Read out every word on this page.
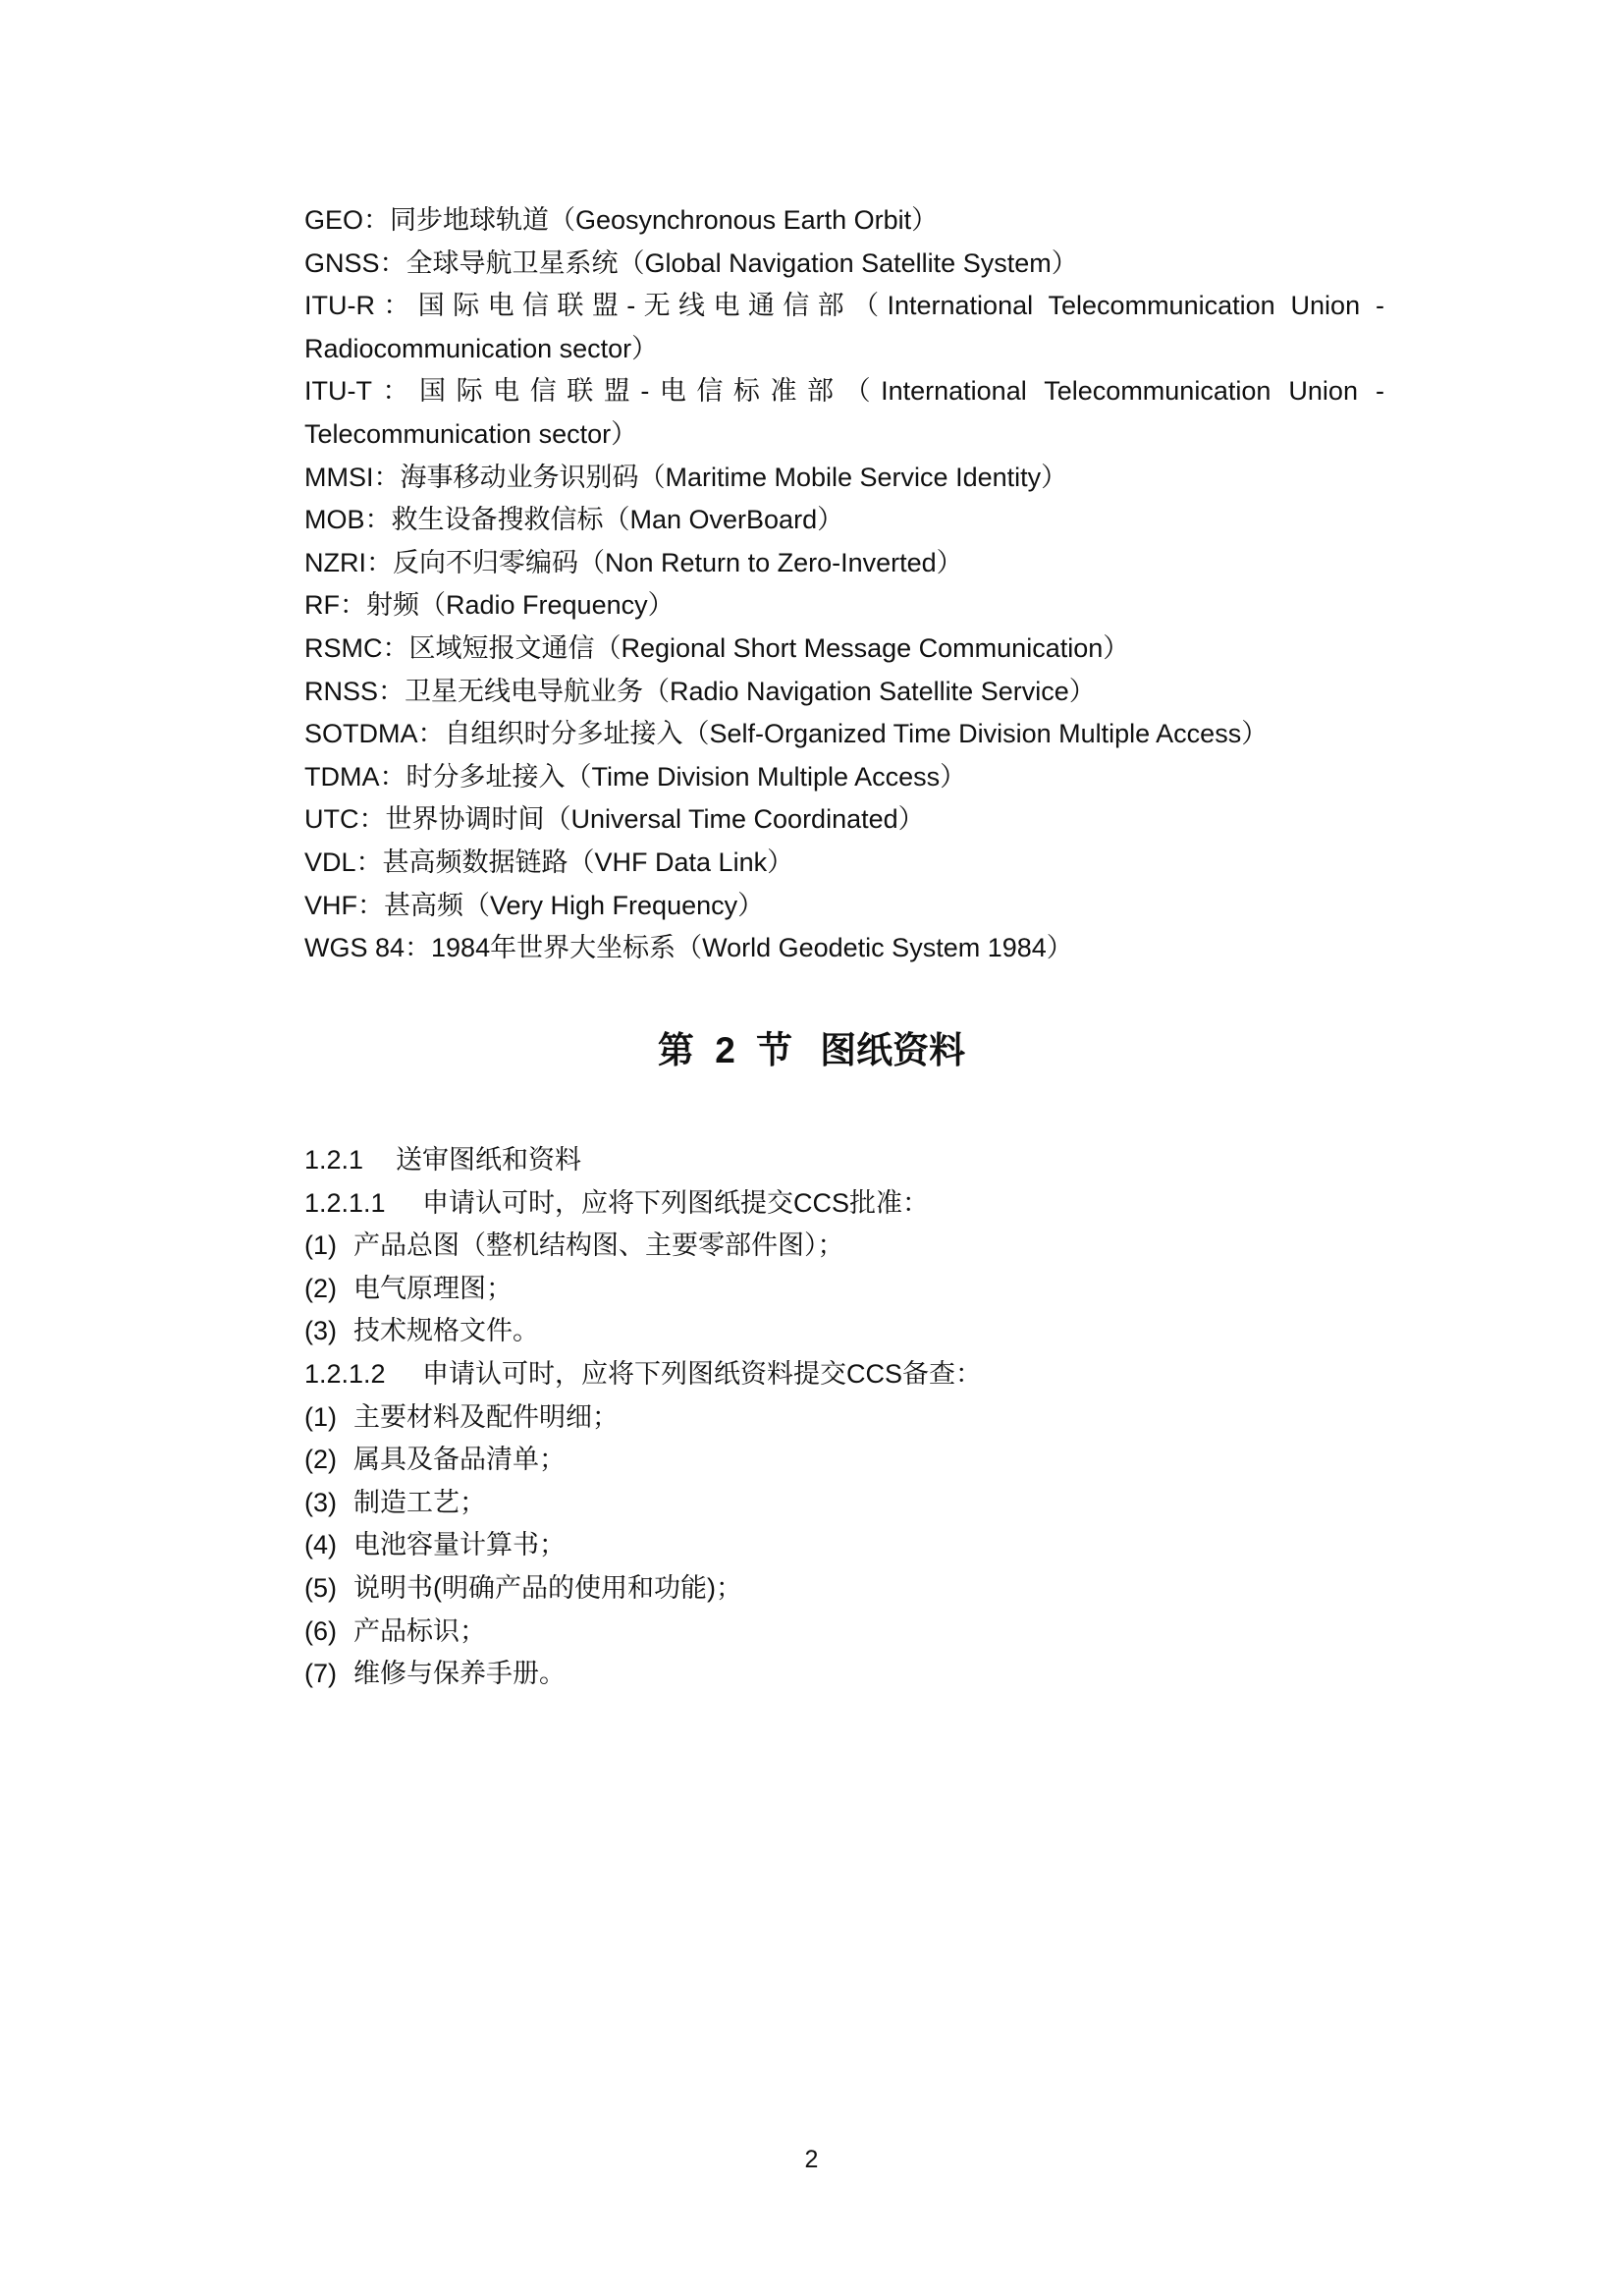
GEO：同步地球轨道（Geosynchronous Earth Orbit）
GNSS：全球导航卫星系统（Global Navigation Satellite System）
ITU-R：国际电信联盟-无线电通信部（International Telecommunication Union -
Radiocommunication sector）
ITU-T：国际电信联盟-电信标准部（International Telecommunication Union -
Telecommunication sector）
MMSI：海事移动业务识别码（Maritime Mobile Service Identity）
MOB：救生设备搜救信标（Man OverBoard）
NZRI：反向不归零编码（Non Return to Zero-Inverted）
RF：射频（Radio Frequency）
RSMC：区域短报文通信（Regional Short Message Communication）
RNSS：卫星无线电导航业务（Radio Navigation Satellite Service）
SOTDMA：自组织时分多址接入（Self-Organized Time Division Multiple Access）
TDMA：时分多址接入（Time Division Multiple Access）
UTC：世界协调时间（Universal Time Coordinated）
VDL：甚高频数据链路（VHF Data Link）
VHF：甚高频（Very High Frequency）
WGS 84：1984年世界大坐标系（World Geodetic System 1984）
第 2 节 图纸资料
1.2.1 送审图纸和资料
1.2.1.1 申请认可时，应将下列图纸提交CCS批准：
(1) 产品总图（整机结构图、主要零部件图）；
(2) 电气原理图；
(3) 技术规格文件。
1.2.1.2 申请认可时，应将下列图纸资料提交CCS备查：
(1) 主要材料及配件明细；
(2) 属具及备品清单；
(3) 制造工艺；
(4) 电池容量计算书；
(5) 说明书(明确产品的使用和功能)；
(6) 产品标识；
(7) 维修与保养手册。
2
